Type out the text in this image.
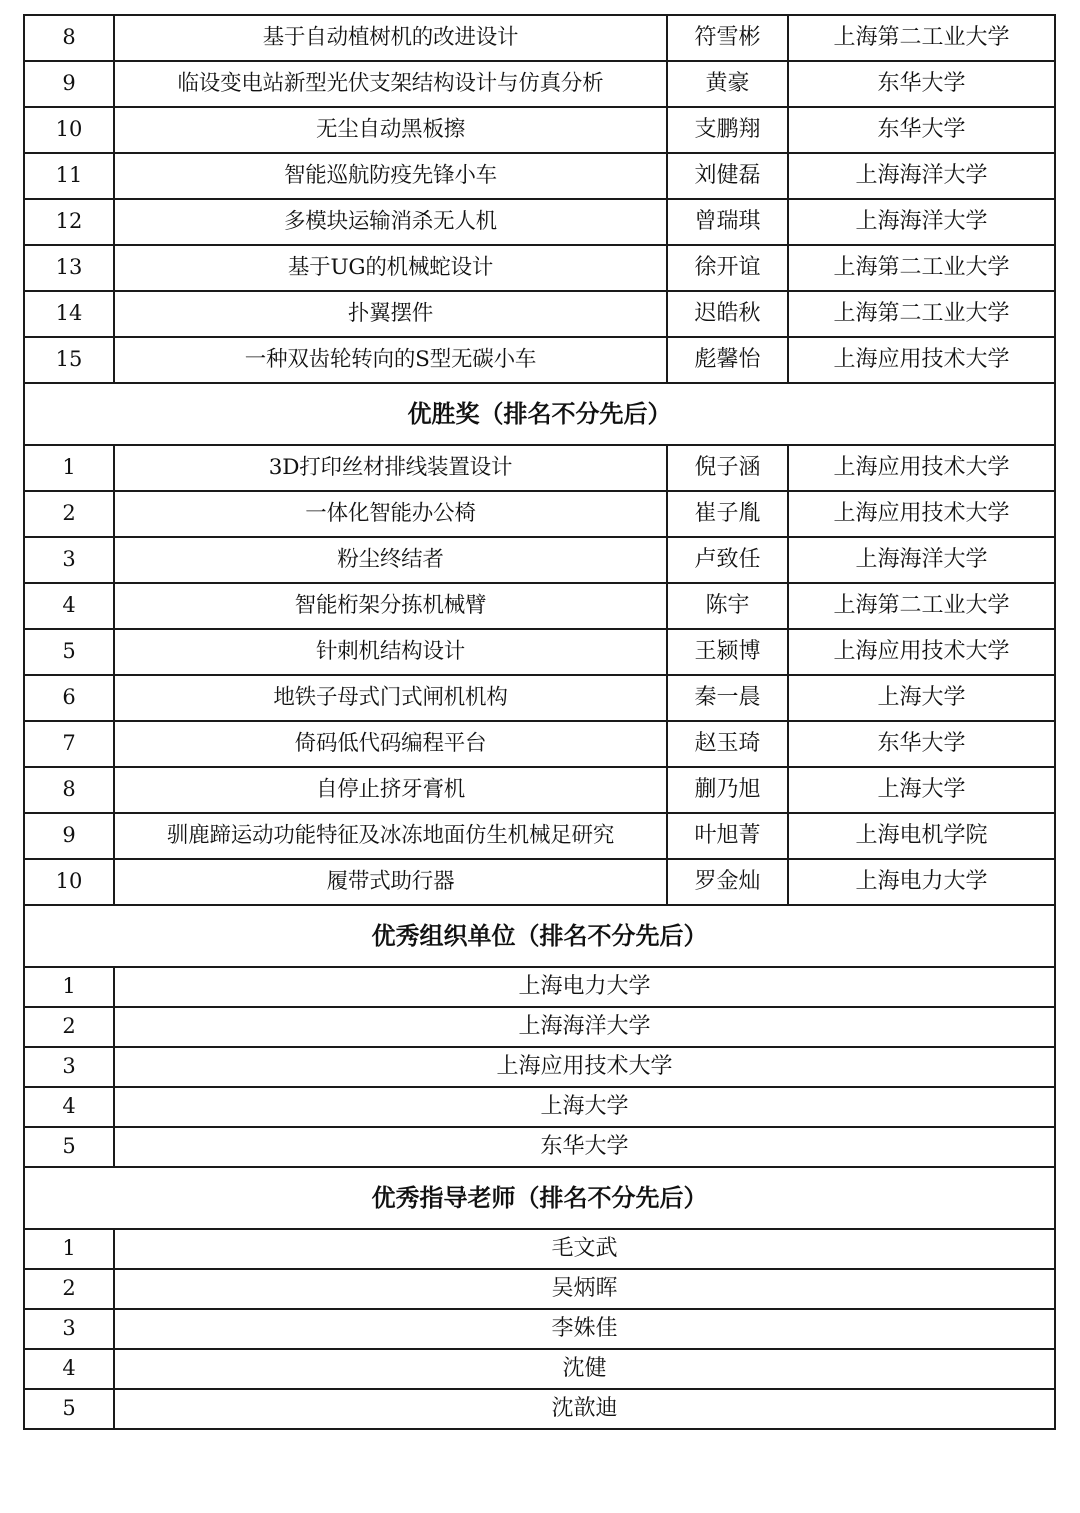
8	基于自动植树机的改进设计	符雪彬	上海第二工业大学
9	临设变电站新型光伏支架结构设计与仿真分析	黄豪	东华大学
10	无尘自动黑板擦	支鹏翔	东华大学
11	智能巡航防疫先锋小车	刘健磊	上海海洋大学
12	多模块运输消杀无人机	曾瑞琪	上海海洋大学
13	基于UG的机械蛇设计	徐开谊	上海第二工业大学
14	扑翼摆件	迟皓秋	上海第二工业大学
15	一种双齿轮转向的S型无碳小车	彪馨怡	上海应用技术大学
优胜奖（排名不分先后）			
1	3D打印丝材排线装置设计	倪子涵	上海应用技术大学
2	一体化智能办公椅	崔子胤	上海应用技术大学
3	粉尘终结者	卢致任	上海海洋大学
4	智能桁架分拣机械臂	陈宇	上海第二工业大学
5	针刺机结构设计	王颍博	上海应用技术大学
6	地铁子母式门式闸机机构	秦一晨	上海大学
7	倚码低代码编程平台	赵玉琦	东华大学
8	自停止挤牙膏机	蒯乃旭	上海大学
9	驯鹿蹄运动功能特征及冰冻地面仿生机械足研究	叶旭菁	上海电机学院
10	履带式助行器	罗金灿	上海电力大学
优秀组织单位（排名不分先后）			
1	上海电力大学		
2	上海海洋大学		
3	上海应用技术大学		
4	上海大学		
5	东华大学		
优秀指导老师（排名不分先后）			
1	毛文武		
2	吴炳晖		
3	李姝佳		
4	沈健		
5	沈歆迪		
